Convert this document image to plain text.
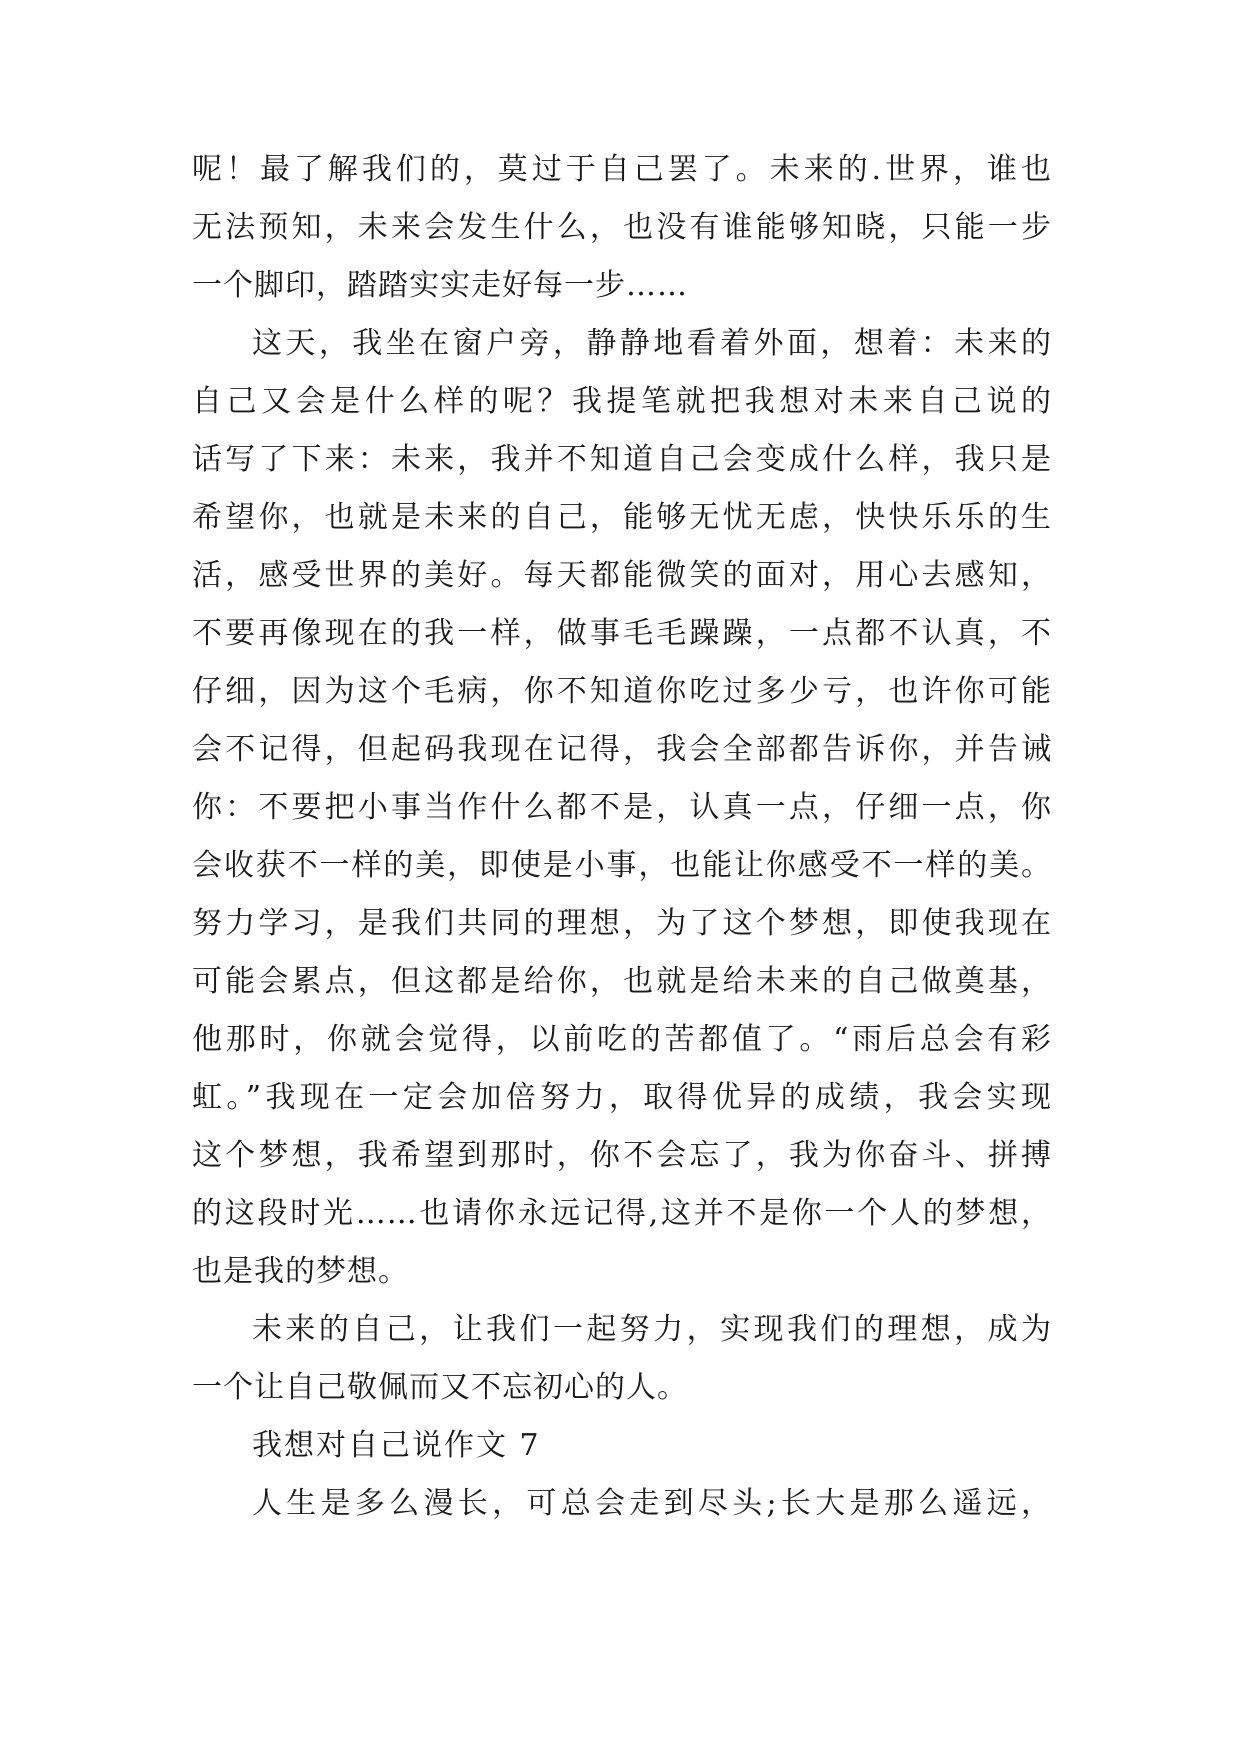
呢！最了解我们的，莫过于自己罢了。未来的.世界，谁也
无法预知，未来会发生什么，也没有谁能够知晓，只能一步
一个脚印，踏踏实实走好每一步……
这天，我坐在窗户旁，静静地看着外面，想着：未来的
自己又会是什么样的呢？我提笔就把我想对未来自己说的
话写了下来：未来，我并不知道自己会变成什么样，我只是
希望你，也就是未来的自己，能够无忧无虑，快快乐乐的生
活，感受世界的美好。每天都能微笑的面对，用心去感知，
不要再像现在的我一样，做事毛毛躁躁，一点都不认真，不
仔细，因为这个毛病，你不知道你吃过多少亏，也许你可能
会不记得，但起码我现在记得，我会全部都告诉你，并告诫
你：不要把小事当作什么都不是，认真一点，仔细一点，你
会收获不一样的美，即使是小事，也能让你感受不一样的美。
努力学习，是我们共同的理想，为了这个梦想，即使我现在
可能会累点，但这都是给你，也就是给未来的自己做奠基，
他那时，你就会觉得，以前吃的苦都值了。“雨后总会有彩
虹。”我现在一定会加倍努力，取得优异的成绩，我会实现
这个梦想，我希望到那时，你不会忘了，我为你奋斗、拼搏
的这段时光……也请你永远记得,这并不是你一个人的梦想，
也是我的梦想。
未来的自己，让我们一起努力，实现我们的理想，成为
一个让自己敬佩而又不忘初心的人。
我想对自己说作文 7
人生是多么漫长，可总会走到尽头;长大是那么遥远，
